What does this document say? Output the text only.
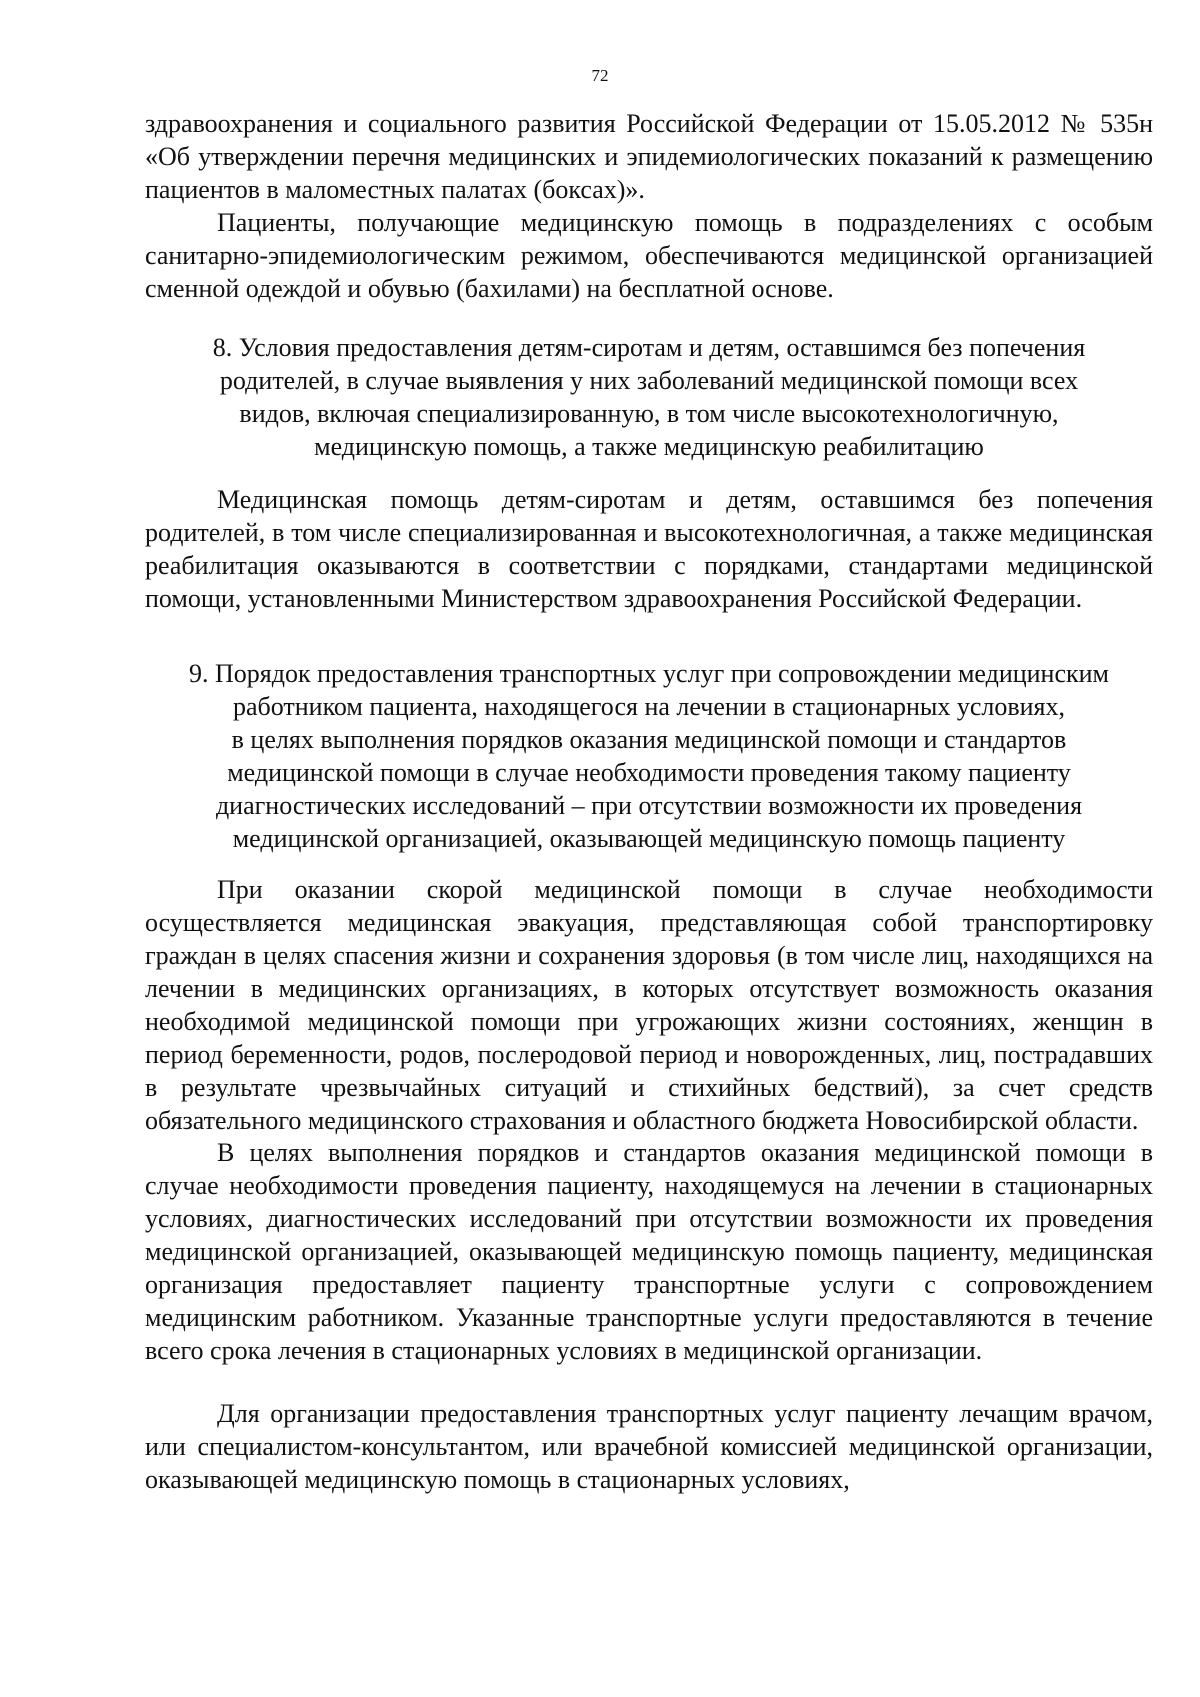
72

здравоохранения и социального развития Российской Федерации от 15.05.2012 № 535н «Об утверждении перечня медицинских и эпидемиологических показаний к размещению пациентов в маломестных палатах (боксах)».

Пациенты, получающие медицинскую помощь в подразделениях с особым санитарно-эпидемиологическим режимом, обеспечиваются медицинской организацией сменной одеждой и обувью (бахилами) на бесплатной основе.

8. Условия предоставления детям-сиротам и детям, оставшимся без попечения
родителей, в случае выявления у них заболеваний медицинской помощи всех
видов, включая специализированную, в том числе высокотехнологичную,
медицинскую помощь, а также медицинскую реабилитацию

Медицинская помощь детям-сиротам и детям, оставшимся без попечения родителей, в том числе специализированная и высокотехнологичная, а также медицинская реабилитация оказываются в соответствии с порядками, стандартами медицинской помощи, установленными Министерством здравоохранения Российской Федерации.

9. Порядок предоставления транспортных услуг при сопровождении медицинским
работником пациента, находящегося на лечении в стационарных условиях,
в целях выполнения порядков оказания медицинской помощи и стандартов
медицинской помощи в случае необходимости проведения такому пациенту
диагностических исследований – при отсутствии возможности их проведения
медицинской организацией, оказывающей медицинскую помощь пациенту

При оказании скорой медицинской помощи в случае необходимости осуществляется медицинская эвакуация, представляющая собой транспортировку граждан в целях спасения жизни и сохранения здоровья (в том числе лиц, находящихся на лечении в медицинских организациях, в которых отсутствует возможность оказания необходимой медицинской помощи при угрожающих жизни состояниях, женщин в период беременности, родов, послеродовой период и новорожденных, лиц, пострадавших в результате чрезвычайных ситуаций и стихийных бедствий), за счет средств обязательного медицинского страхования и областного бюджета Новосибирской области.

В целях выполнения порядков и стандартов оказания медицинской помощи в случае необходимости проведения пациенту, находящемуся на лечении в стационарных условиях, диагностических исследований при отсутствии возможности их проведения медицинской организацией, оказывающей медицинскую помощь пациенту, медицинская организация предоставляет пациенту транспортные услуги с сопровождением медицинским работником. Указанные транспортные услуги предоставляются в течение всего срока лечения в стационарных условиях в медицинской организации.

Для организации предоставления транспортных услуг пациенту лечащим врачом, или специалистом-консультантом, или врачебной комиссией медицинской организации, оказывающей медицинскую помощь в стационарных условиях,
